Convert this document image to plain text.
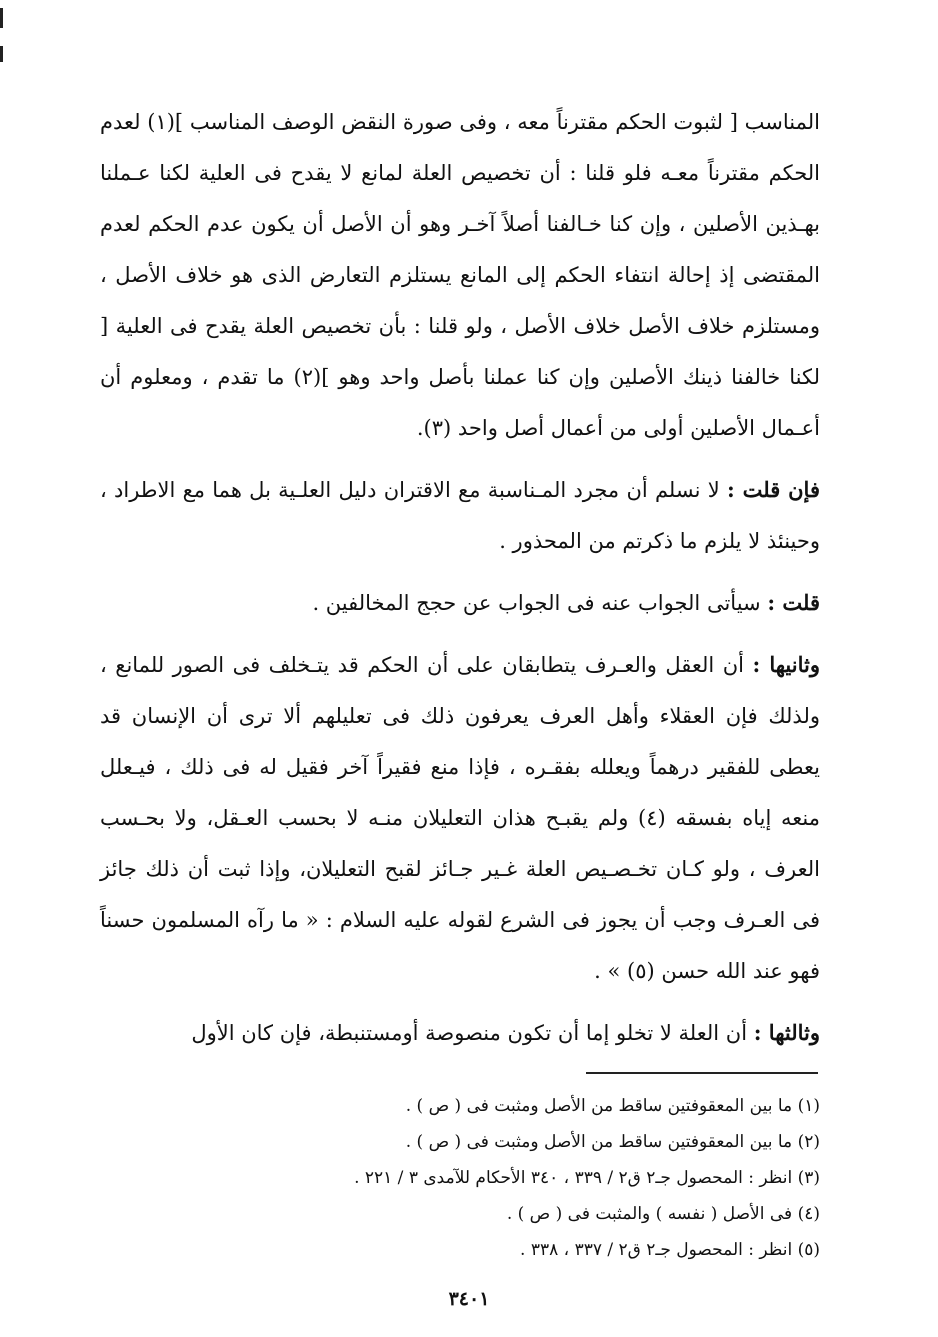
المناسب [ لثبوت الحكم مقترناً معه ، وفى صورة النقض الوصف المناسب ](١) لعدم الحكم مقترناً معـه فلو قلنا : أن تخصيص العلة لمانع لا يقدح فى العلية لكنا عـملنا بهـذين الأصلين ، وإن كنا خـالفنا أصلاً آخـر وهو أن الأصل أن يكون عدم الحكم لعدم المقتضى إذ إحالة انتفاء الحكم إلى المانع يستلزم التعارض الذى هو خلاف الأصل ، ومستلزم خلاف الأصل خلاف الأصل ، ولو قلنا : بأن تخصيص العلة يقدح فى العلية [ لكنا خالفنا ذينك الأصلين وإن كنا عملنا بأصل واحد وهو ](٢) ما تقدم ، ومعلوم أن أعـمال الأصلين أولى من أعمال أصل واحد (٣).

فإن قلت : لا نسلم أن مجرد المـناسبة مع الاقتران دليل العلـية بل هما مع الاطراد ، وحينئذ لا يلزم ما ذكرتم من المحذور .

قلت : سيأتى الجواب عنه فى الجواب عن حجج المخالفين .

وثانيها : أن العقل والعـرف يتطابقان على أن الحكم قد يتـخلف فى الصور للمانع ، ولذلك فإن العقلاء وأهل العرف يعرفون ذلك فى تعليلهم ألا ترى أن الإنسان قد يعطى للفقير درهماً ويعلله بفقـره ، فإذا منع فقيراً آخر فقيل له فى ذلك ، فيـعلل منعه إياه بفسقه (٤) ولم يقبـح هذان التعليلان منـه لا بحسب العـقل، ولا بحـسب العرف ، ولو كـان تخـصـيص العلة غـير جـائز لقبح التعليلان، وإذا ثبت أن ذلك جائز فى العـرف وجب أن يجوز فى الشرع لقوله عليه السلام : « ما رآه المسلمون حسناً فهو عند الله حسن (٥) » .

وثالثها : أن العلة لا تخلو إما أن تكون منصوصة أومستنبطة، فإن كان الأول

(١) ما بين المعقوفتين ساقط من الأصل ومثبت فى ( ص ) .

(٢) ما بين المعقوفتين ساقط من الأصل ومثبت فى ( ص ) .

(٣) انظر : المحصول جـ٢ ق٢ / ٣٣٩ ، ٣٤٠ الأحكام للآمدى ٣ / ٢٢١ .

(٤) فى الأصل ( نفسه ) والمثبت فى ( ص ) .

(٥) انظر : المحصول جـ٢ ق٢ / ٣٣٧ ، ٣٣٨ .

٣٤٠١
